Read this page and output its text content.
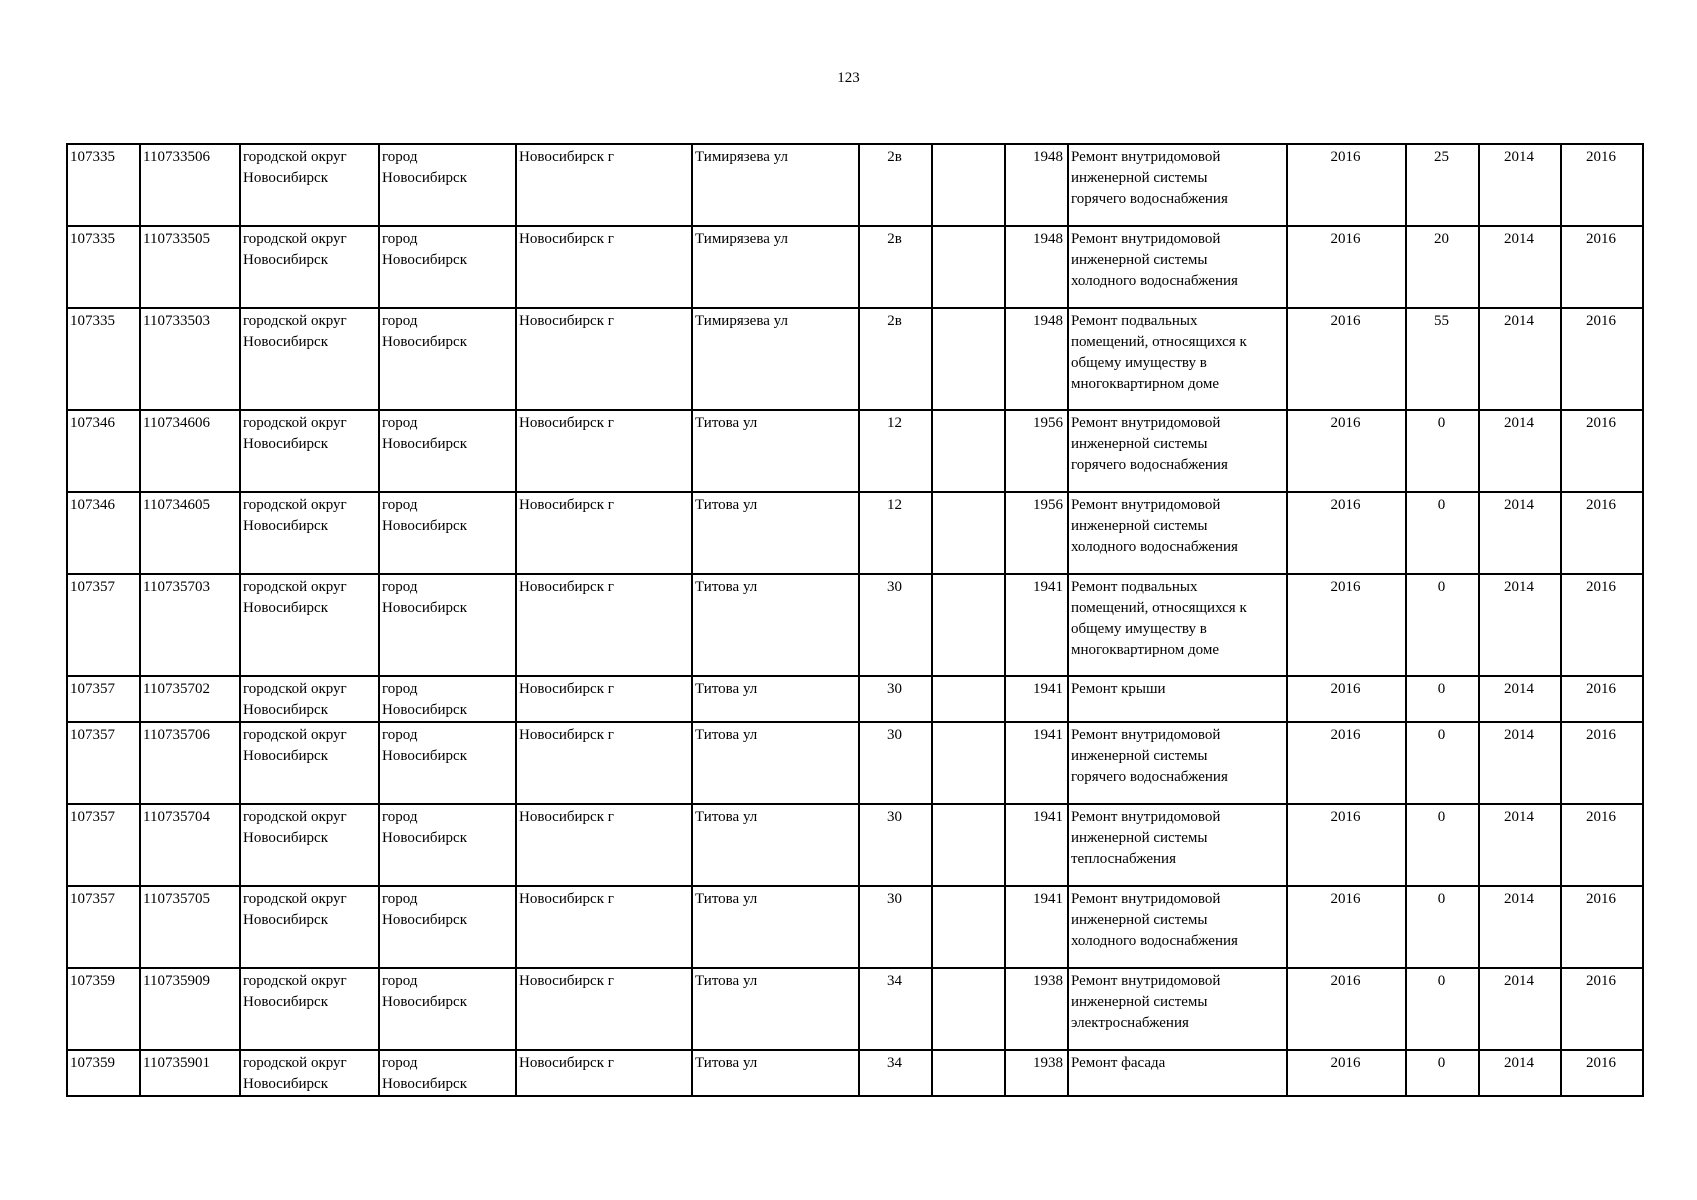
123
107335	110733506	городской округ
Новосибирск	город
Новосибирск	Новосибирск г	Тимирязева ул	2в		1948	Ремонт внутридомовой
инженерной системы
горячего водоснабжения	2016	25	2014	2016
107335	110733505	городской округ
Новосибирск	город
Новосибирск	Новосибирск г	Тимирязева ул	2в		1948	Ремонт внутридомовой
инженерной системы
холодного водоснабжения	2016	20	2014	2016
107335	110733503	городской округ
Новосибирск	город
Новосибирск	Новосибирск г	Тимирязева ул	2в		1948	Ремонт подвальных
помещений, относящихся к
общему имуществу в
многоквартирном доме	2016	55	2014	2016
107346	110734606	городской округ
Новосибирск	город
Новосибирск	Новосибирск г	Титова ул	12		1956	Ремонт внутридомовой
инженерной системы
горячего водоснабжения	2016	0	2014	2016
107346	110734605	городской округ
Новосибирск	город
Новосибирск	Новосибирск г	Титова ул	12		1956	Ремонт внутридомовой
инженерной системы
холодного водоснабжения	2016	0	2014	2016
107357	110735703	городской округ
Новосибирск	город
Новосибирск	Новосибирск г	Титова ул	30		1941	Ремонт подвальных
помещений, относящихся к
общему имуществу в
многоквартирном доме	2016	0	2014	2016
107357	110735702	городской округ
Новосибирск	город
Новосибирск	Новосибирск г	Титова ул	30		1941	Ремонт крыши	2016	0	2014	2016
107357	110735706	городской округ
Новосибирск	город
Новосибирск	Новосибирск г	Титова ул	30		1941	Ремонт внутридомовой
инженерной системы
горячего водоснабжения	2016	0	2014	2016
107357	110735704	городской округ
Новосибирск	город
Новосибирск	Новосибирск г	Титова ул	30		1941	Ремонт внутридомовой
инженерной системы
теплоснабжения	2016	0	2014	2016
107357	110735705	городской округ
Новосибирск	город
Новосибирск	Новосибирск г	Титова ул	30		1941	Ремонт внутридомовой
инженерной системы
холодного водоснабжения	2016	0	2014	2016
107359	110735909	городской округ
Новосибирск	город
Новосибирск	Новосибирск г	Титова ул	34		1938	Ремонт внутридомовой
инженерной системы
электроснабжения	2016	0	2014	2016
107359	110735901	городской округ
Новосибирск	город
Новосибирск	Новосибирск г	Титова ул	34		1938	Ремонт фасада	2016	0	2014	2016
